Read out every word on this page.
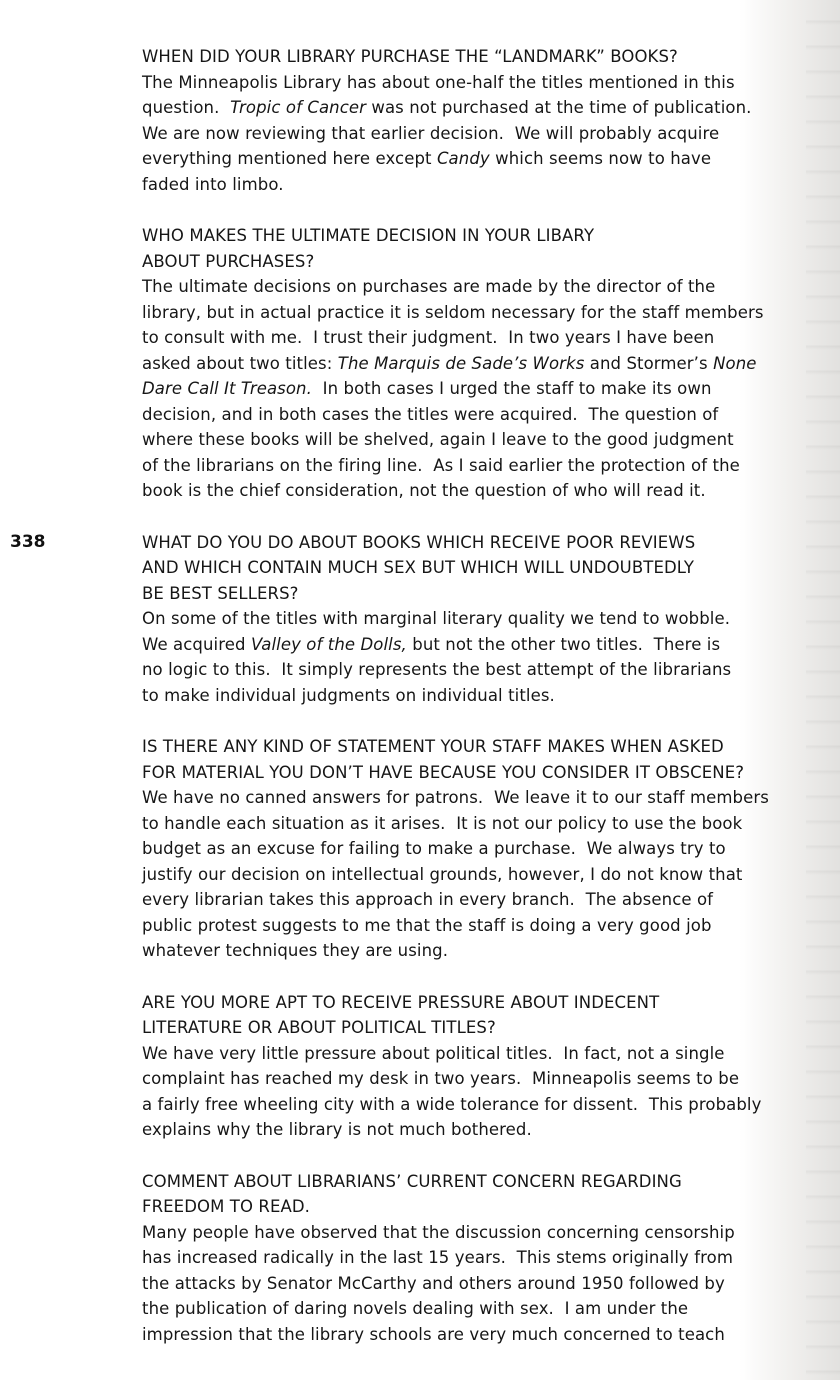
338
WHEN DID YOUR LIBRARY PURCHASE THE “LANDMARK” BOOKS?
The Minneapolis Library has about one-half the titles mentioned in this
question.  Tropic of Cancer was not purchased at the time of publication.
We are now reviewing that earlier decision.  We will probably acquire
everything mentioned here except Candy which seems now to have
faded into limbo.
WHO MAKES THE ULTIMATE DECISION IN YOUR LIBARY
ABOUT PURCHASES?
The ultimate decisions on purchases are made by the director of the
library, but in actual practice it is seldom necessary for the staff members
to consult with me.  I trust their judgment.  In two years I have been
asked about two titles: The Marquis de Sade’s Works and Stormer’s None
Dare Call It Treason.  In both cases I urged the staff to make its own
decision, and in both cases the titles were acquired.  The question of
where these books will be shelved, again I leave to the good judgment
of the librarians on the firing line.  As I said earlier the protection of the
book is the chief consideration, not the question of who will read it.
WHAT DO YOU DO ABOUT BOOKS WHICH RECEIVE POOR REVIEWS
AND WHICH CONTAIN MUCH SEX BUT WHICH WILL UNDOUBTEDLY
BE BEST SELLERS?
On some of the titles with marginal literary quality we tend to wobble.
We acquired Valley of the Dolls, but not the other two titles.  There is
no logic to this.  It simply represents the best attempt of the librarians
to make individual judgments on individual titles.
IS THERE ANY KIND OF STATEMENT YOUR STAFF MAKES WHEN ASKED
FOR MATERIAL YOU DON’T HAVE BECAUSE YOU CONSIDER IT OBSCENE?
We have no canned answers for patrons.  We leave it to our staff members
to handle each situation as it arises.  It is not our policy to use the book
budget as an excuse for failing to make a purchase.  We always try to
justify our decision on intellectual grounds, however, I do not know that
every librarian takes this approach in every branch.  The absence of
public protest suggests to me that the staff is doing a very good job
whatever techniques they are using.
ARE YOU MORE APT TO RECEIVE PRESSURE ABOUT INDECENT
LITERATURE OR ABOUT POLITICAL TITLES?
We have very little pressure about political titles.  In fact, not a single
complaint has reached my desk in two years.  Minneapolis seems to be
a fairly free wheeling city with a wide tolerance for dissent.  This probably
explains why the library is not much bothered.
COMMENT ABOUT LIBRARIANS’ CURRENT CONCERN REGARDING
FREEDOM TO READ.
Many people have observed that the discussion concerning censorship
has increased radically in the last 15 years.  This stems originally from
the attacks by Senator McCarthy and others around 1950 followed by
the publication of daring novels dealing with sex.  I am under the
impression that the library schools are very much concerned to teach
